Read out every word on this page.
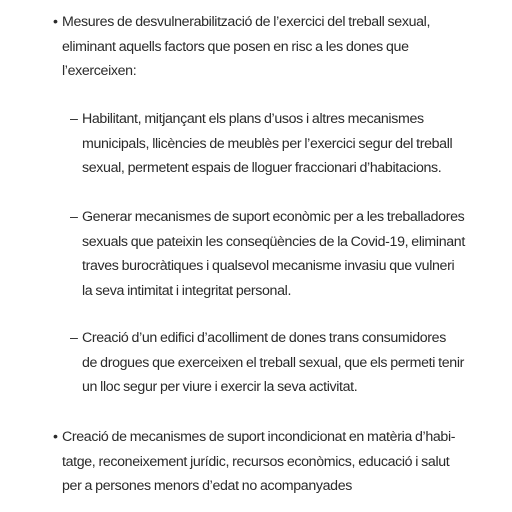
• Mesures de desvulnerabilització de l’exercici del treball sexual,
eliminant aquells factors que posen en risc a les dones que
l’exerceixen:
– Habilitant, mitjançant els plans d’usos i altres mecanismes
municipals, llicències de meublès per l’exercici segur del treball
sexual, permetent espais de lloguer fraccionari d’habitacions.
– Generar mecanismes de suport econòmic per a les treballadores
sexuals que pateixin les conseqüències de la Covid-19, eliminant
traves burocràtiques i qualsevol mecanisme invasiu que vulneri
la seva intimitat i integritat personal.
– Creació d’un edifici d’acolliment de dones trans consumidores
de drogues que exerceixen el treball sexual, que els permeti tenir
un lloc segur per viure i exercir la seva activitat.
• Creació de mecanismes de suport incondicionat en matèria d’habi-
tatge, reconeixement jurídic, recursos econòmics, educació i salut
per a persones menors d’edat no acompanyades
